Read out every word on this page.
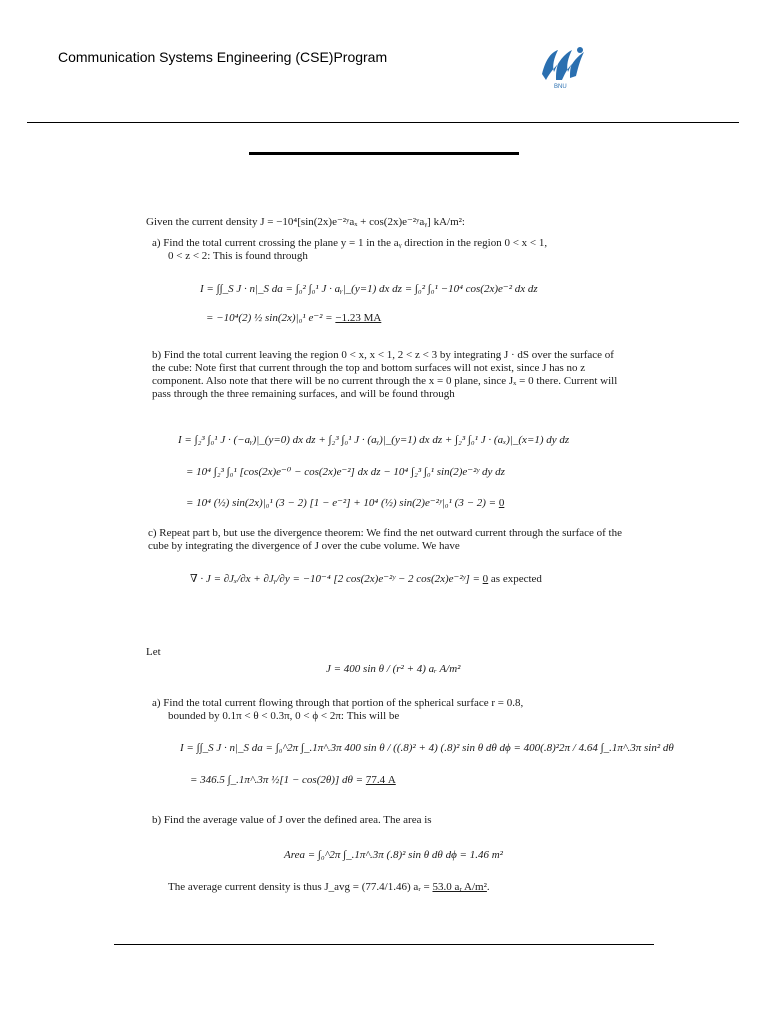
Communication Systems Engineering (CSE)Program
BNU
Given the current density J = −10⁴[sin(2x)e⁻²ʸaₓ + cos(2x)e⁻²ʸaᵧ] kA/m²:
a) Find the total current crossing the plane y = 1 in the aᵧ direction in the region 0 < x < 1,
0 < z < 2: This is found through
I = ∫∫_S J · n|_S da = ∫₀² ∫₀¹ J · aᵧ|_(y=1) dx dz = ∫₀² ∫₀¹ −10⁴ cos(2x)e⁻² dx dz
= −10⁴(2) ½ sin(2x)|₀¹ e⁻² = −1.23 MA
b) Find the total current leaving the region 0 < x, x < 1, 2 < z < 3 by integrating J · dS over the surface of the cube: Note first that current through the top and bottom surfaces will not exist, since J has no z component. Also note that there will be no current through the x = 0 plane, since Jₓ = 0 there. Current will pass through the three remaining surfaces, and will be found through
I = ∫₂³ ∫₀¹ J · (−aᵧ)|_(y=0) dx dz + ∫₂³ ∫₀¹ J · (aᵧ)|_(y=1) dx dz + ∫₂³ ∫₀¹ J · (aₓ)|_(x=1) dy dz
= 10⁴ ∫₂³ ∫₀¹ [cos(2x)e⁻⁰ − cos(2x)e⁻²] dx dz − 10⁴ ∫₂³ ∫₀¹ sin(2)e⁻²ʸ dy dz
= 10⁴ (½) sin(2x)|₀¹ (3 − 2) [1 − e⁻²] + 10⁴ (½) sin(2)e⁻²ʸ|₀¹ (3 − 2) = 0
c) Repeat part b, but use the divergence theorem: We find the net outward current through the surface of the cube by integrating the divergence of J over the cube volume. We have
∇ · J = ∂Jₓ/∂x + ∂Jᵧ/∂y = −10⁻⁴ [2 cos(2x)e⁻²ʸ − 2 cos(2x)e⁻²ʸ] = 0 as expected
Let
J = 400 sin θ / (r² + 4) aᵣ A/m²
a) Find the total current flowing through that portion of the spherical surface r = 0.8,
bounded by 0.1π < θ < 0.3π, 0 < ϕ < 2π: This will be
I = ∫∫_S J · n|_S da = ∫₀^2π ∫_.1π^.3π 400 sin θ / ((.8)² + 4) (.8)² sin θ dθ dϕ = 400(.8)²2π / 4.64 ∫_.1π^.3π sin² dθ
= 346.5 ∫_.1π^.3π ½[1 − cos(2θ)] dθ = 77.4 A
b) Find the average value of J over the defined area. The area is
Area = ∫₀^2π ∫_.1π^.3π (.8)² sin θ dθ dϕ = 1.46 m²
The average current density is thus J_avg = (77.4/1.46) aᵣ = 53.0 aᵣ A/m².
